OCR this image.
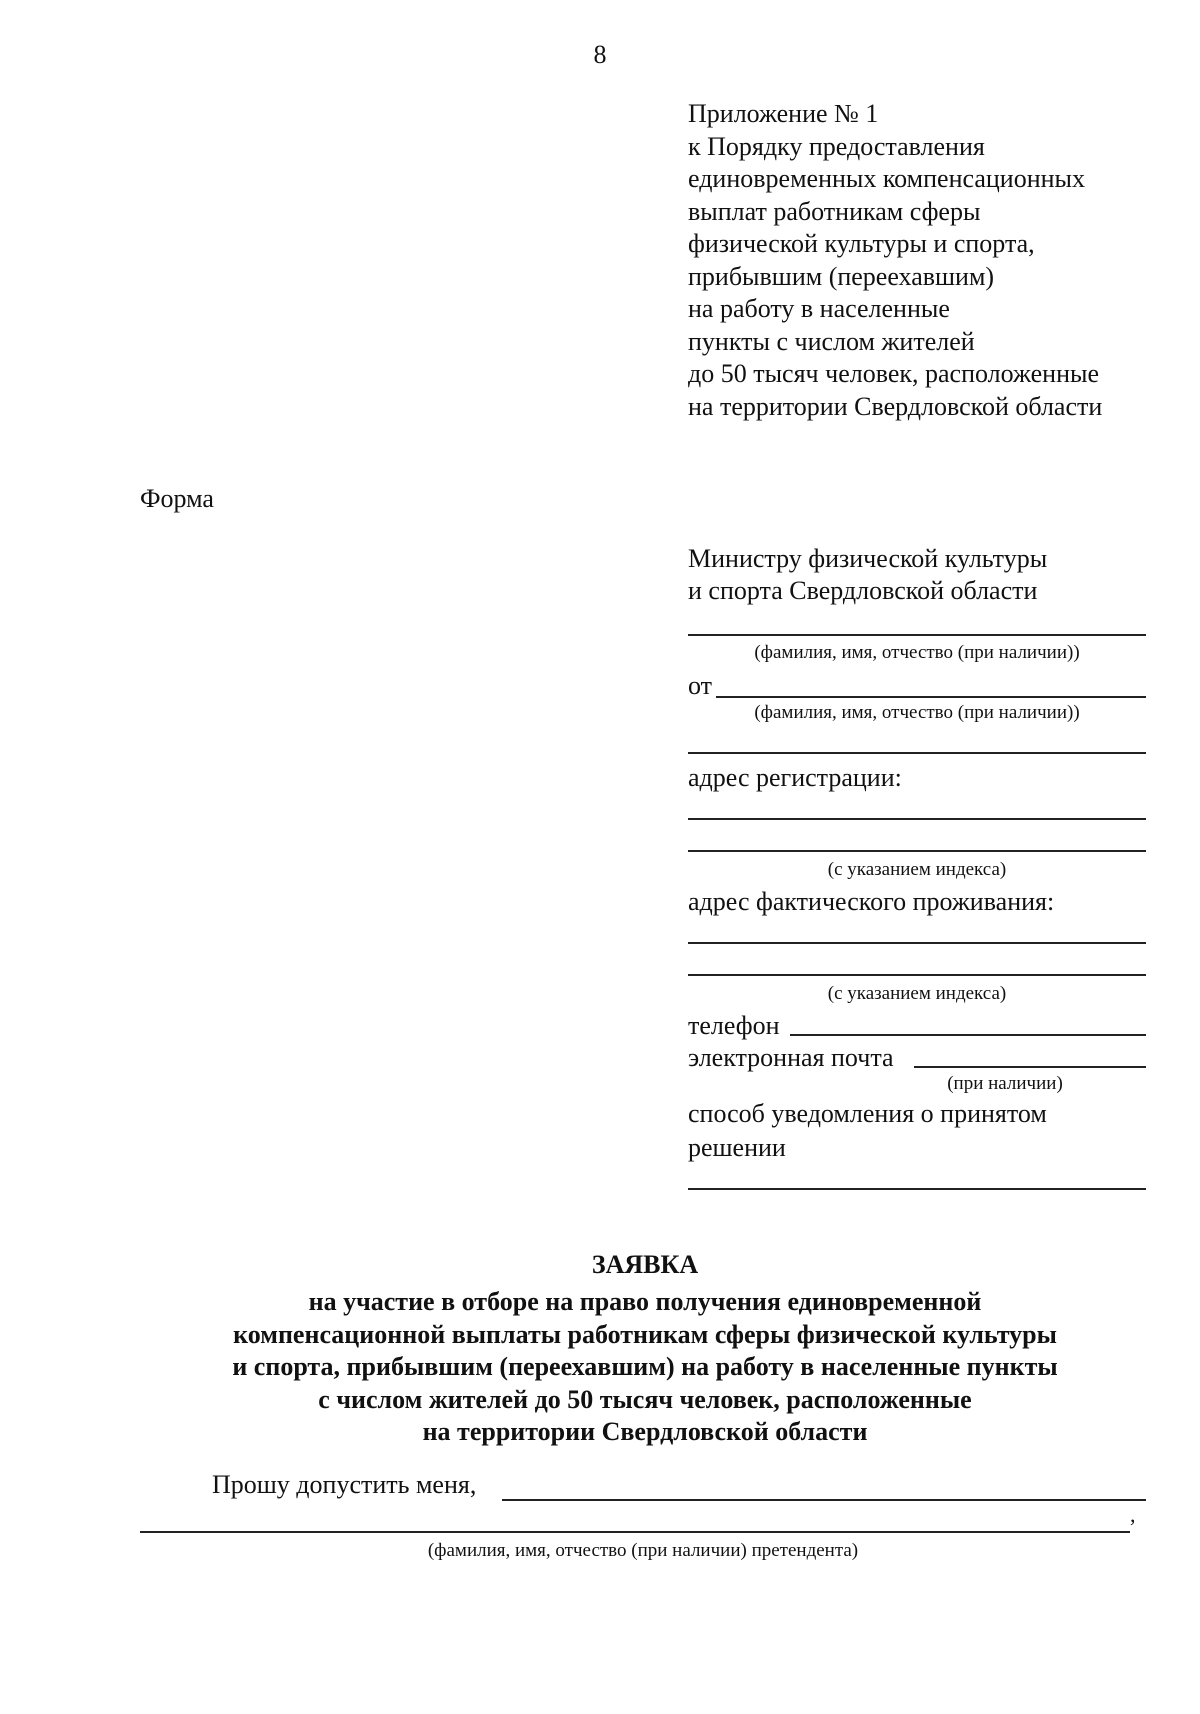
8
Приложение № 1
к Порядку предоставления
единовременных компенсационных
выплат работникам сферы
физической культуры и спорта,
прибывшим (переехавшим)
на работу в населенные
пункты с числом жителей
до 50 тысяч человек, расположенные
на территории Свердловской области
Форма
Министру физической культуры
и спорта Свердловской области
(фамилия, имя, отчество (при наличии))
от
(фамилия, имя, отчество (при наличии))
адрес регистрации:
(с указанием индекса)
адрес фактического проживания:
(с указанием индекса)
телефон
электронная почта
(при наличии)
способ уведомления о принятом
решении
ЗАЯВКА
на участие в отборе на право получения единовременной
компенсационной выплаты работникам сферы физической культуры
и спорта, прибывшим (переехавшим) на работу в населенные пункты
с числом жителей до 50 тысяч человек, расположенные
на территории Свердловской области
Прошу допустить меня,
,
(фамилия, имя, отчество (при наличии) претендента)
